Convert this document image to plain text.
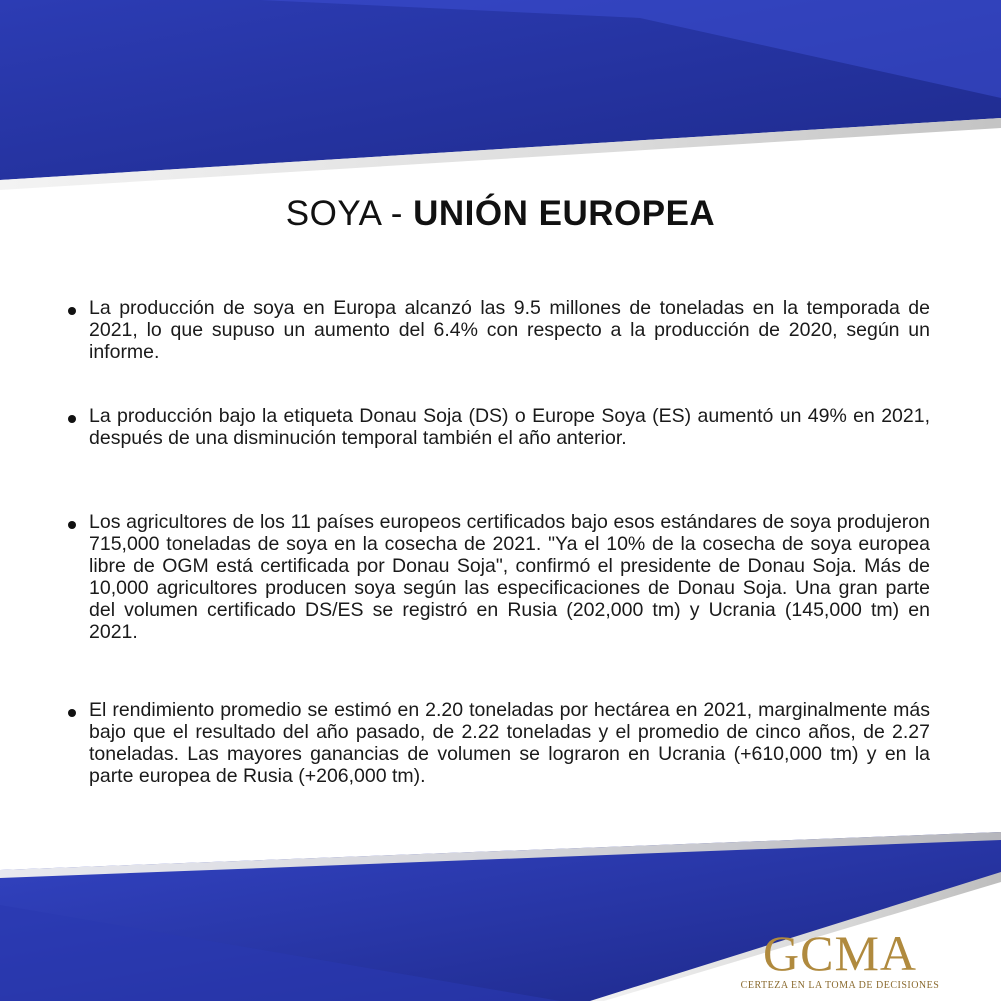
SOYA - UNIÓN EUROPEA
La producción de soya en Europa alcanzó las 9.5 millones de toneladas en la temporada de 2021, lo que supuso un aumento del 6.4% con respecto a la producción de 2020, según un informe.
La producción bajo la etiqueta Donau Soja (DS) o Europe Soya (ES) aumentó un 49% en 2021, después de una disminución temporal también el año anterior.
Los agricultores de los 11 países europeos certificados bajo esos estándares de soya produjeron 715,000 toneladas de soya en la cosecha de 2021. "Ya el 10% de la cosecha de soya europea libre de OGM está certificada por Donau Soja", confirmó el presidente de Donau Soja. Más de 10,000 agricultores producen soya según las especificaciones de Donau Soja. Una gran parte del volumen certificado DS/ES se registró en Rusia (202,000 tm) y Ucrania (145,000 tm) en 2021.
El rendimiento promedio se estimó en 2.20 toneladas por hectárea en 2021, marginalmente más bajo que el resultado del año pasado, de 2.22 toneladas y el promedio de cinco años, de 2.27 toneladas. Las mayores ganancias de volumen se lograron en Ucrania (+610,000 tm) y en la parte europea de Rusia (+206,000 tm).
GCMA
CERTEZA EN LA TOMA DE DECISIONES
